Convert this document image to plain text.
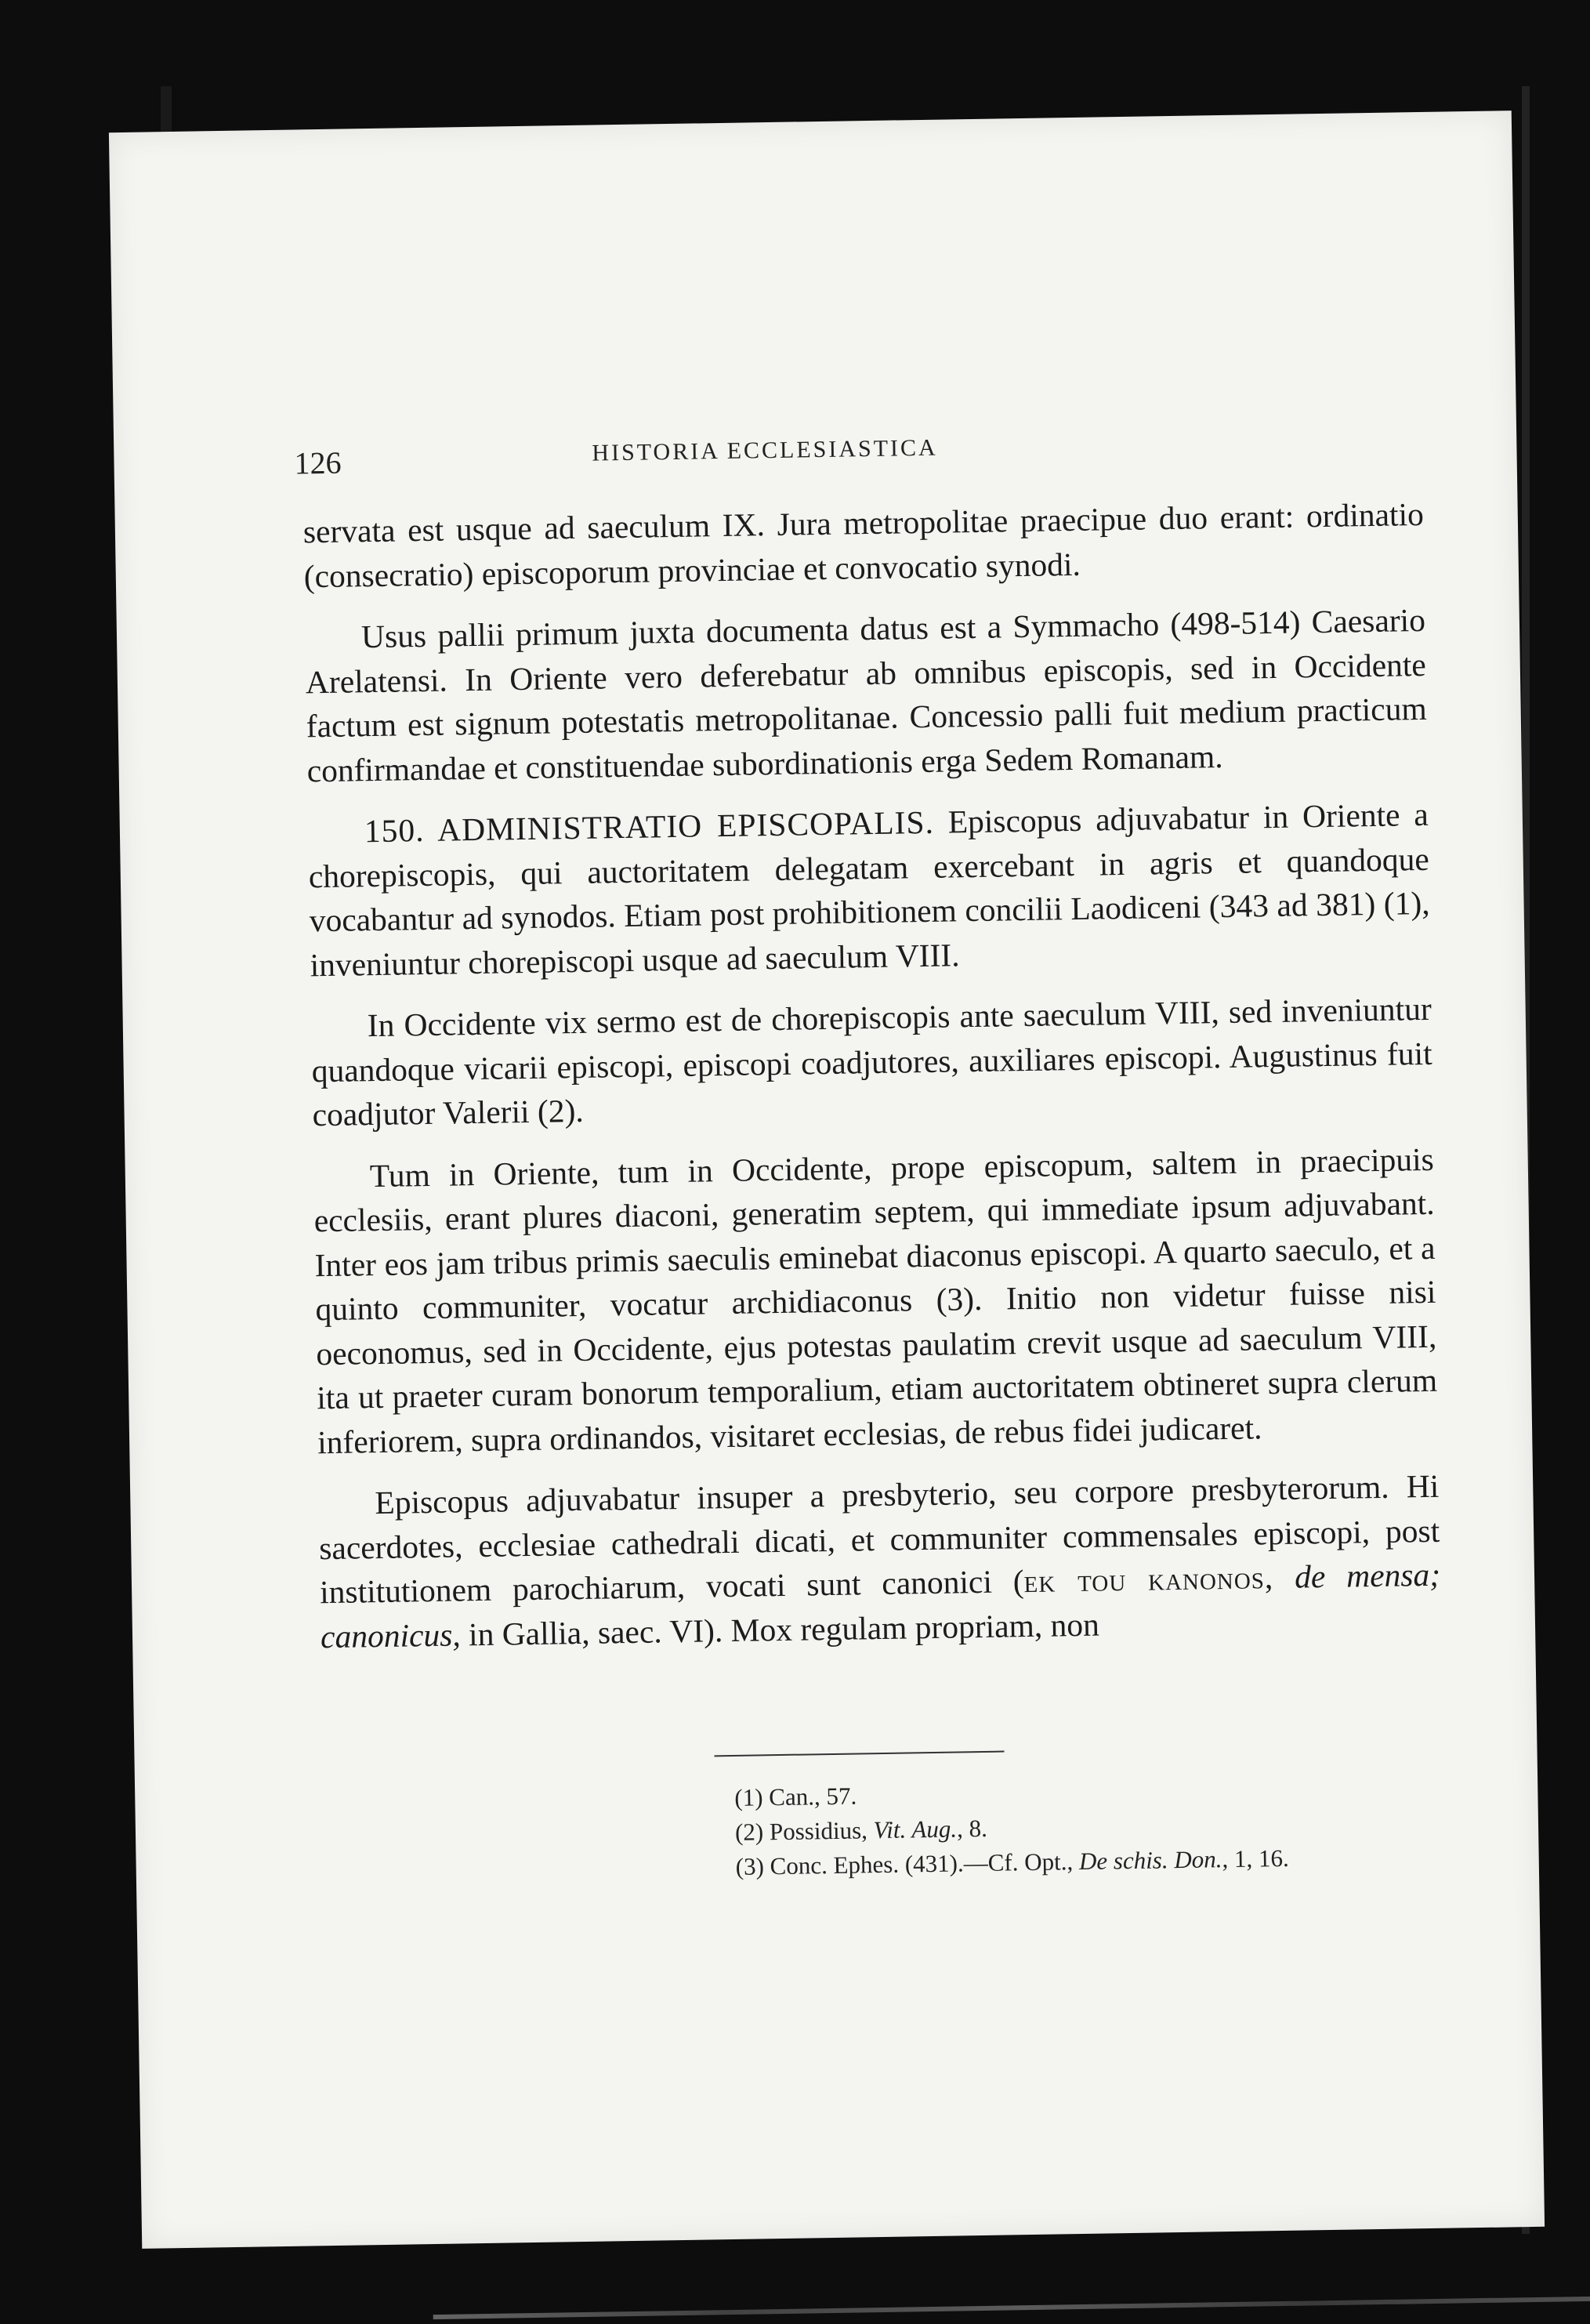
126	HISTORIA ECCLESIASTICA

servata est usque ad saeculum IX. Jura metropolitae praecipue duo erant: ordinatio (consecratio) episcoporum provinciae et convocatio synodi.

Usus pallii primum juxta documenta datus est a Symmacho (498-514) Caesario Arelatensi. In Oriente vero deferebatur ab omnibus episcopis, sed in Occidente factum est signum potestatis metropolitanae. Concessio palli fuit medium practicum confirmandae et constituendae subordinationis erga Sedem Romanam.

150. ADMINISTRATIO EPISCOPALIS. Episcopus adjuvabatur in Oriente a chorepiscopis, qui auctoritatem delegatam exercebant in agris et quandoque vocabantur ad synodos. Etiam post prohibitionem concilii Laodiceni (343 ad 381) (1), inveniuntur chorepiscopi usque ad saeculum VIII.

In Occidente vix sermo est de chorepiscopis ante saeculum VIII, sed inveniuntur quandoque vicarii episcopi, episcopi coadjutores, auxiliares episcopi. Augustinus fuit coadjutor Valerii (2).

Tum in Oriente, tum in Occidente, prope episcopum, saltem in praecipuis ecclesiis, erant plures diaconi, generatim septem, qui immediate ipsum adjuvabant. Inter eos jam tribus primis saeculis eminebat diaconus episcopi. A quarto saeculo, et a quinto communiter, vocatur archidiaconus (3). Initio non videtur fuisse nisi oeconomus, sed in Occidente, ejus potestas paulatim crevit usque ad saeculum VIII, ita ut praeter curam bonorum temporalium, etiam auctoritatem obtineret supra clerum inferiorem, supra ordinandos, visitaret ecclesias, de rebus fidei judicaret.

Episcopus adjuvabatur insuper a presbyterio, seu corpore presbyterorum. Hi sacerdotes, ecclesiae cathedrali dicati, et communiter commensales episcopi, post institutionem parochiarum, vocati sunt canonici (ek tou kanonos, de mensa; canonicus, in Gallia, saec. VI). Mox regulam propriam, non

(1) Can., 57.
(2) Possidius, Vit. Aug., 8.
(3) Conc. Ephes. (431).—Cf. Opt., De schis. Don., 1, 16.
